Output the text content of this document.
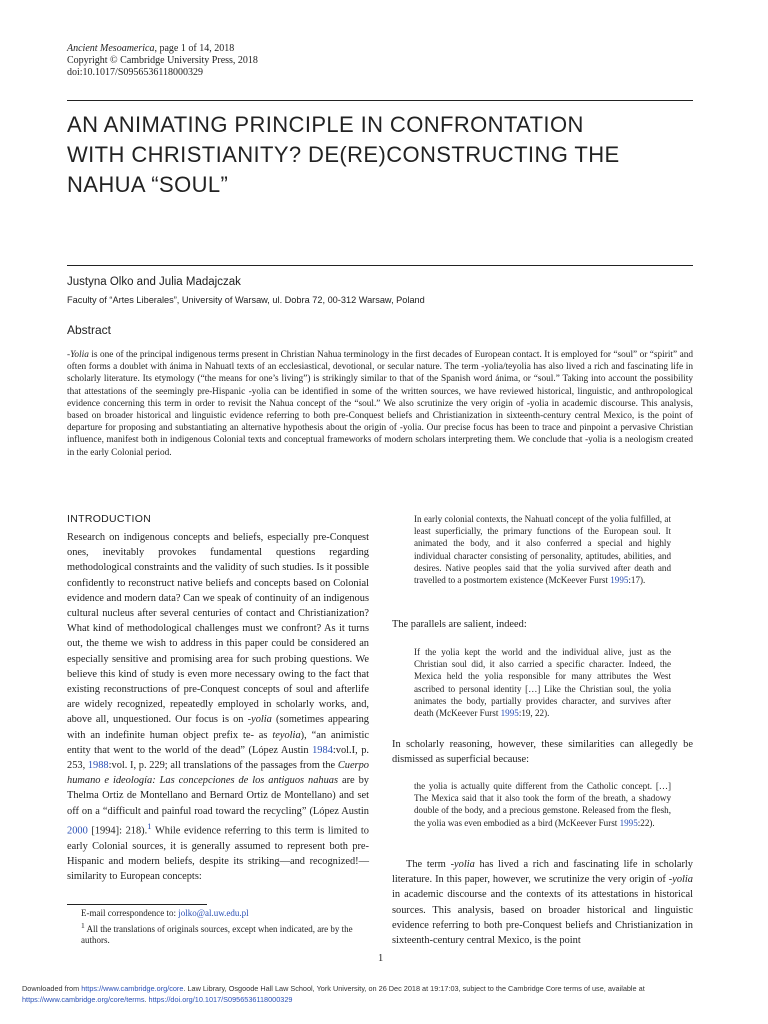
Ancient Mesoamerica, page 1 of 14, 2018
Copyright © Cambridge University Press, 2018
doi:10.1017/S0956536118000329
AN ANIMATING PRINCIPLE IN CONFRONTATION
WITH CHRISTIANITY? DE(RE)CONSTRUCTING THE
NAHUA “SOUL”
Justyna Olko and Julia Madajczak
Faculty of “Artes Liberales”, University of Warsaw, ul. Dobra 72, 00-312 Warsaw, Poland
Abstract
-Yolia is one of the principal indigenous terms present in Christian Nahua terminology in the first decades of European contact. It is employed for “soul” or “spirit” and often forms a doublet with ánima in Nahuatl texts of an ecclesiastical, devotional, or secular nature. The term -yolia/teyolia has also lived a rich and fascinating life in scholarly literature. Its etymology (“the means for one’s living”) is strikingly similar to that of the Spanish word ánima, or “soul.” Taking into account the possibility that attestations of the seemingly pre-Hispanic -yolia can be identified in some of the written sources, we have reviewed historical, linguistic, and anthropological evidence concerning this term in order to revisit the Nahua concept of the “soul.” We also scrutinize the very origin of -yolia in academic discourse. This analysis, based on broader historical and linguistic evidence referring to both pre-Conquest beliefs and Christianization in sixteenth-century central Mexico, is the point of departure for proposing and substantiating an alternative hypothesis about the origin of -yolia. Our precise focus has been to trace and pinpoint a pervasive Christian influence, manifest both in indigenous Colonial texts and conceptual frameworks of modern scholars interpreting them. We conclude that -yolia is a neologism created in the early Colonial period.
INTRODUCTION
Research on indigenous concepts and beliefs, especially pre-Conquest ones, inevitably provokes fundamental questions regarding methodological constraints and the validity of such studies. Is it possible confidently to reconstruct native beliefs and concepts based on Colonial evidence and modern data? Can we speak of continuity of an indigenous cultural nucleus after several centuries of contact and Christianization? What kind of methodological challenges must we confront? As it turns out, the theme we wish to address in this paper could be considered an especially sensitive and promising area for such probing questions. We believe this kind of study is even more necessary owing to the fact that existing reconstructions of pre-Conquest concepts of soul and afterlife are widely recognized, repeatedly employed in scholarly works, and, above all, unquestioned. Our focus is on -yolia (sometimes appearing with an indefinite human object prefix te- as teyolia), “an animistic entity that went to the world of the dead” (López Austin 1984:vol.I, p. 253, 1988:vol. I, p. 229; all translations of the passages from the Cuerpo humano e ideología: Las concepciones de los antiguos nahuas are by Thelma Ortiz de Montellano and Bernard Ortiz de Montellano) and set off on a “difficult and painful road toward the recycling” (López Austin 2000 [1994]: 218).$^1$ While evidence referring to this term is limited to early Colonial sources, it is generally assumed to represent both pre-Hispanic and modern beliefs, despite its striking—and recognized!—similarity to European concepts:
In early colonial contexts, the Nahuatl concept of the yolia fulfilled, at least superficially, the primary functions of the European soul. It animated the body, and it also conferred a special and highly individual character consisting of personality, aptitudes, abilities, and desires. Native peoples said that the yolia survived after death and travelled to a postmortem existence (McKeever Furst 1995:17).
The parallels are salient, indeed:
If the yolia kept the world and the individual alive, just as the Christian soul did, it also carried a specific character. Indeed, the Mexica held the yolia responsible for many attributes the West ascribed to personal identity […] Like the Christian soul, the yolia animates the body, partially provides character, and survives after death (McKeever Furst 1995:19, 22).
In scholarly reasoning, however, these similarities can allegedly be dismissed as superficial because:
the yolia is actually quite different from the Catholic concept. […] The Mexica said that it also took the form of the breath, a shadowy double of the body, and a precious gemstone. Released from the flesh, the yolia was even embodied as a bird (McKeever Furst 1995:22).
The term -yolia has lived a rich and fascinating life in scholarly literature. In this paper, however, we scrutinize the very origin of -yolia in academic discourse and the contexts of its attestations in historical sources. This analysis, based on broader historical and linguistic evidence referring to both pre-Conquest beliefs and Christianization in sixteenth-century central Mexico, is the point
E-mail correspondence to: jolko@al.uw.edu.pl
$^1$ All the translations of originals sources, except when indicated, are by the authors.
1
Downloaded from https://www.cambridge.org/core. Law Library, Osgoode Hall Law School, York University, on 26 Dec 2018 at 19:17:03, subject to the Cambridge Core terms of use, available at
https://www.cambridge.org/core/terms. https://doi.org/10.1017/S0956536118000329
